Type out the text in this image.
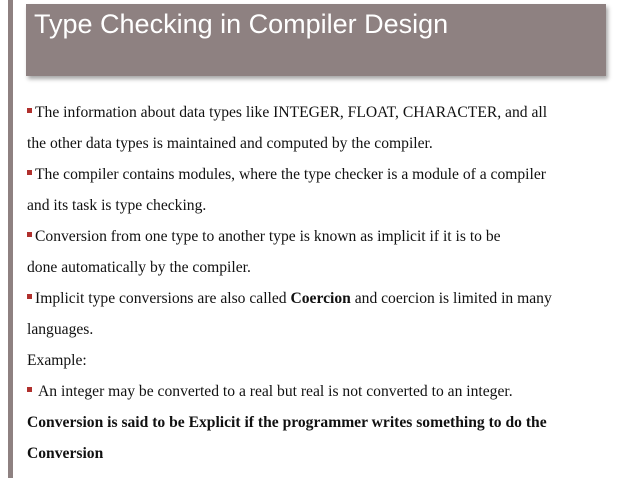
Type Checking in Compiler Design
The information about data types like INTEGER, FLOAT, CHARACTER, and all
the other data types is maintained and computed by the compiler.
The compiler contains modules, where the type checker is a module of a compiler
and its task is type checking.
Conversion from one type to another type is known as implicit if it is to be
done automatically by the compiler.
Implicit type conversions are also called Coercion and coercion is limited in many
languages.
Example:
An integer may be converted to a real but real is not converted to an integer.
Conversion is said to be Explicit if the programmer writes something to do the
Conversion
